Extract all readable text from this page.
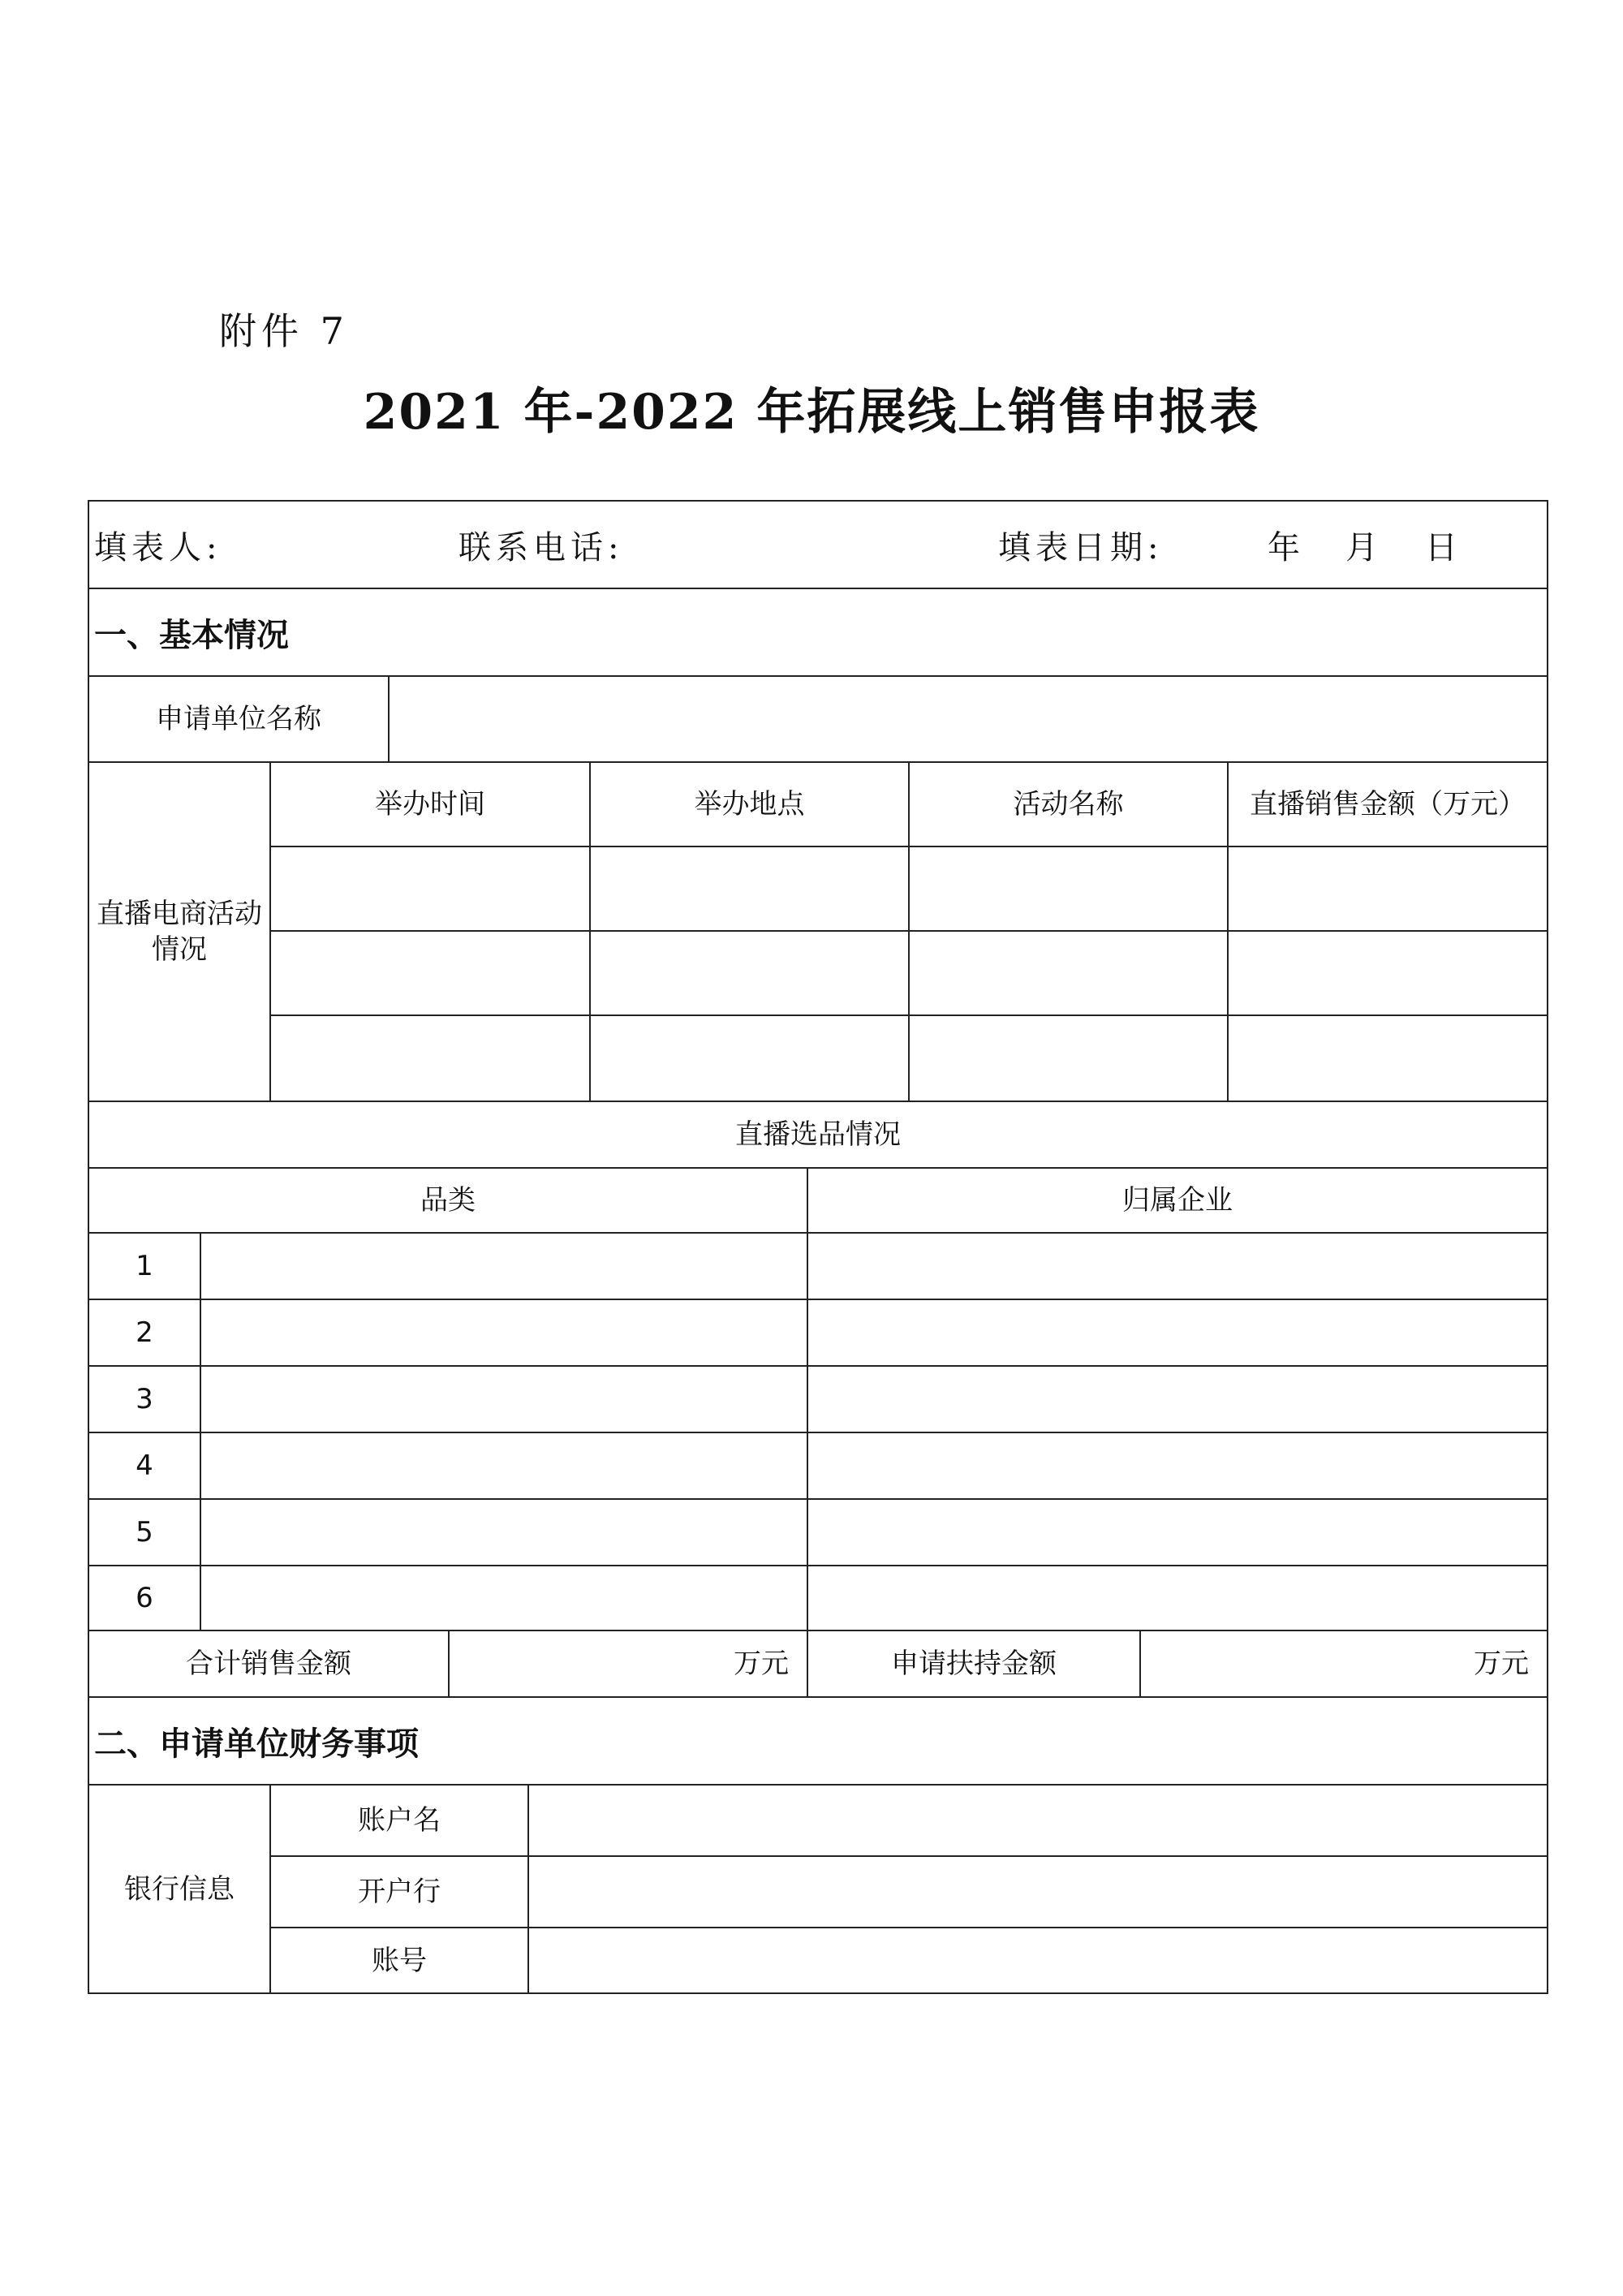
附件 7
2021 年-2022 年拓展线上销售申报表
填表人:	联系电话:	填表日期:	年 月 日
一、基本情况
申请单位名称
直播电商活动情况
举办时间	举办地点	活动名称	直播销售金额（万元）
直播选品情况
品类	归属企业
1
2
3
4
5
6
合计销售金额	万元	申请扶持金额	万元
二、申请单位财务事项
银行信息
账户名
开户行
账号
